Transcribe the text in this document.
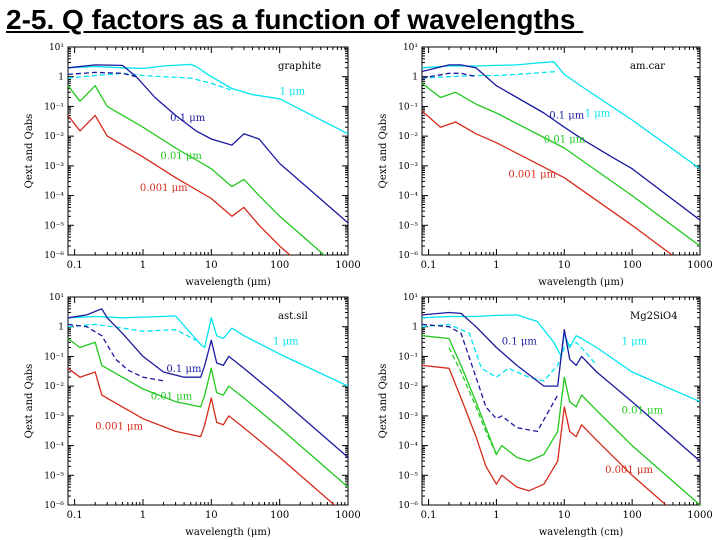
2-5. Q factors as a function of wavelengths
0.1	1	10	100	1000
10⁻⁶
10⁻⁵
10⁻⁴
10⁻³
10⁻²
10⁻¹
1
10¹
wavelength (μm)
Qext and Qabs
graphite
1 μm
0.1 μm
0.01 μm
0.001 μm
0.1	1	10	100	1000
10⁻⁶
10⁻⁵
10⁻⁴
10⁻³
10⁻²
10⁻¹
1
10¹
wavelength (μm)
Qext and Qabs
am.car
1 μm
0.1 μm
0.01 μm
0.001 μm
0.1	1	10	100	1000
10⁻⁶
10⁻⁵
10⁻⁴
10⁻³
10⁻²
10⁻¹
1
10¹
wavelength (μm)
Qext and Qabs
ast.sil
1 μm
0.1 μm
0.01 μm
0.001 μm
0.1	1	10	100	1000
10⁻⁶
10⁻⁵
10⁻⁴
10⁻³
10⁻²
10⁻¹
1
10¹
wavelength (cm)
Qext and Qabs
Mg2SiO4
1 μm
0.1 μm
0.01 μm
0.001 μm
